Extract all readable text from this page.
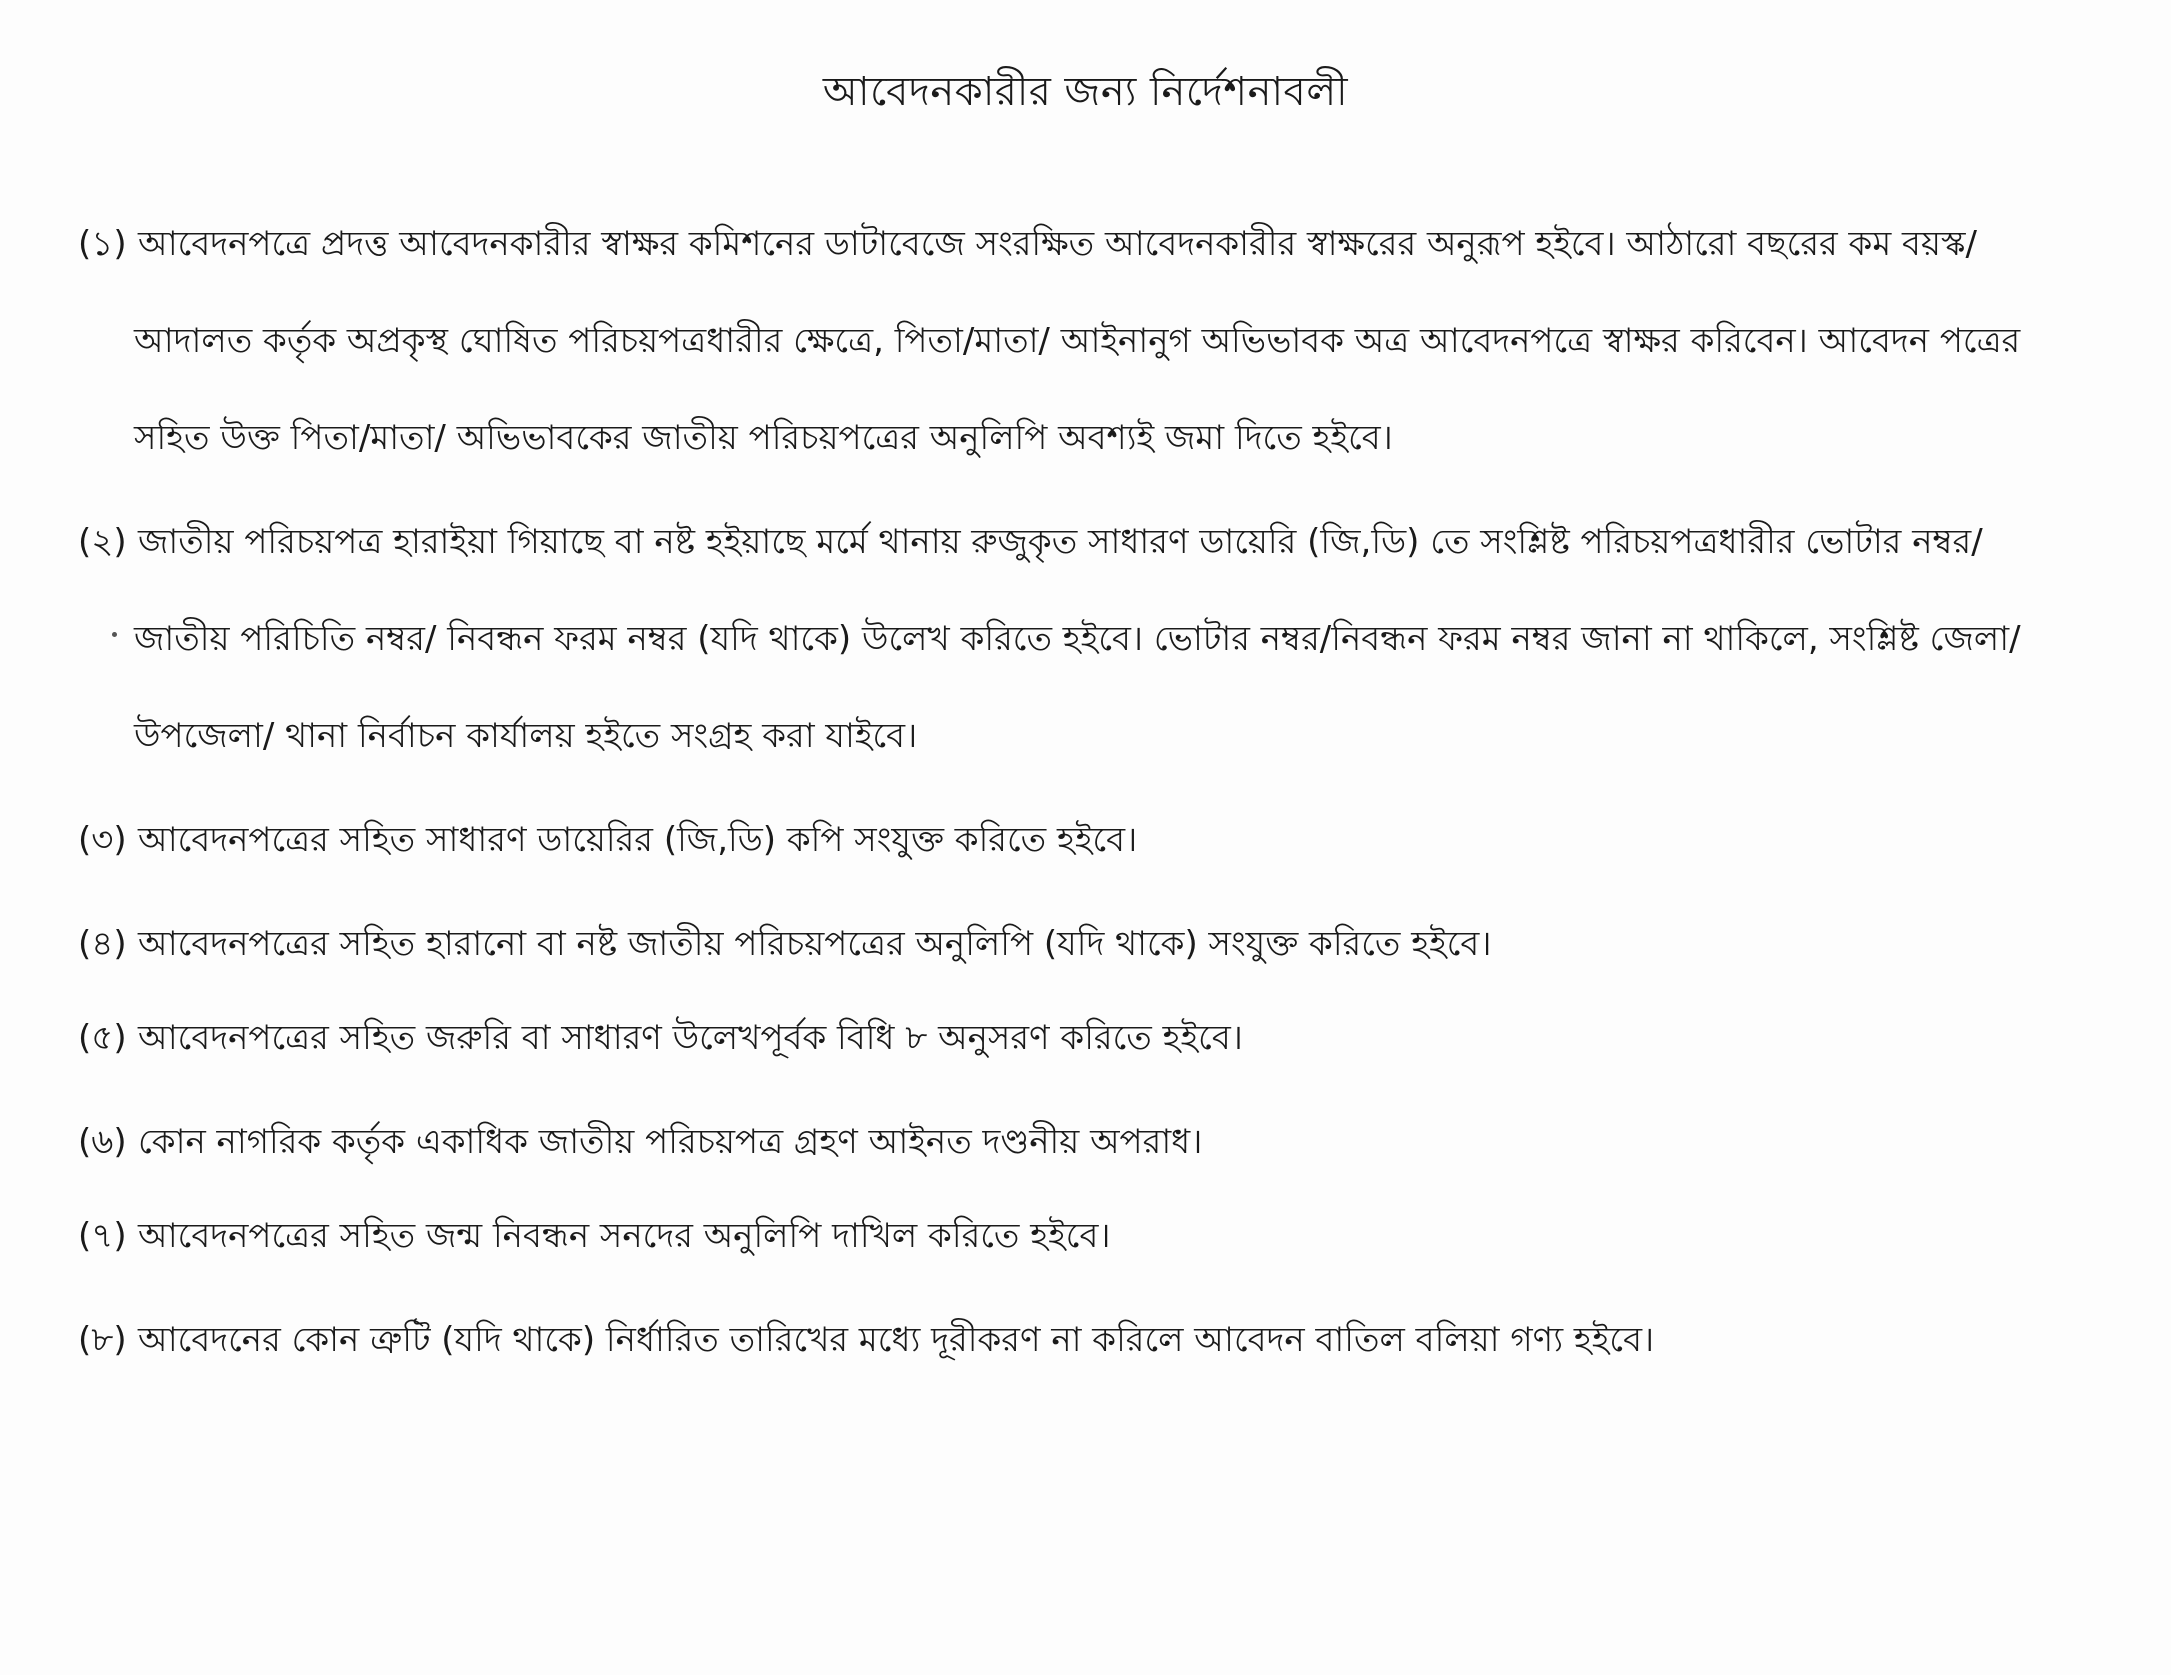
আবেদনকারীর জন্য নির্দেশনাবলী
(১) আবেদনপত্রে প্রদত্ত আবেদনকারীর স্বাক্ষর কমিশনের ডাটাবেজে সংরক্ষিত আবেদনকারীর স্বাক্ষরের অনুরূপ হইবে। আঠারো বছরের কম বয়স্ক/
আদালত কর্তৃক অপ্রকৃস্থ ঘোষিত পরিচয়পত্রধারীর ক্ষেত্রে, পিতা/মাতা/ আইনানুগ অভিভাবক অত্র আবেদনপত্রে স্বাক্ষর করিবেন। আবেদন পত্রের
সহিত উক্ত পিতা/মাতা/ অভিভাবকের জাতীয় পরিচয়পত্রের অনুলিপি অবশ্যই জমা দিতে হইবে।
(২) জাতীয় পরিচয়পত্র হারাইয়া গিয়াছে বা নষ্ট হইয়াছে মর্মে থানায় রুজুকৃত সাধারণ ডায়েরি (জি,ডি) তে সংশ্লিষ্ট পরিচয়পত্রধারীর ভোটার নম্বর/
জাতীয় পরিচিতি নম্বর/ নিবন্ধন ফরম নম্বর (যদি থাকে) উলেখ করিতে হইবে। ভোটার নম্বর/নিবন্ধন ফরম নম্বর জানা না থাকিলে, সংশ্লিষ্ট জেলা/
উপজেলা/ থানা নির্বাচন কার্যালয় হইতে সংগ্রহ করা যাইবে।
(৩) আবেদনপত্রের সহিত সাধারণ ডায়েরির (জি,ডি) কপি সংযুক্ত করিতে হইবে।
(৪) আবেদনপত্রের সহিত হারানো বা নষ্ট জাতীয় পরিচয়পত্রের অনুলিপি (যদি থাকে) সংযুক্ত করিতে হইবে।
(৫) আবেদনপত্রের সহিত জরুরি বা সাধারণ উলেখপূর্বক বিধি ৮ অনুসরণ করিতে হইবে।
(৬) কোন নাগরিক কর্তৃক একাধিক জাতীয় পরিচয়পত্র গ্রহণ আইনত দণ্ডনীয় অপরাধ।
(৭) আবেদনপত্রের সহিত জন্ম নিবন্ধন সনদের অনুলিপি দাখিল করিতে হইবে।
(৮) আবেদনের কোন ত্রুটি (যদি থাকে) নির্ধারিত তারিখের মধ্যে দূরীকরণ না করিলে আবেদন বাতিল বলিয়া গণ্য হইবে।
